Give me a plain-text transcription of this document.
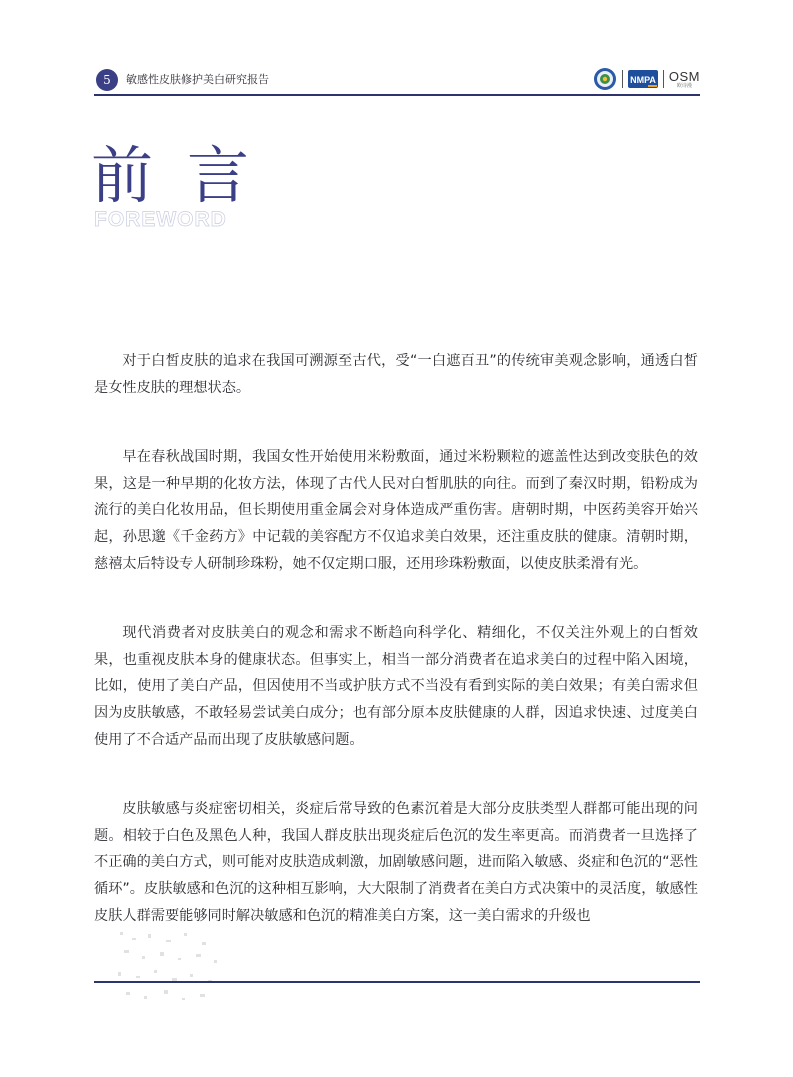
5	敏感性皮肤修护美白研究报告	NMPA OSM
欧诗漫
前言
FOREWORD

对于白皙皮肤的追求在我国可溯源至古代，受“一白遮百丑”的传统审美观念影响，通透白皙是女性皮肤的理想状态。

早在春秋战国时期，我国女性开始使用米粉敷面，通过米粉颗粒的遮盖性达到改变肤色的效果，这是一种早期的化妆方法，体现了古代人民对白皙肌肤的向往。而到了秦汉时期，铅粉成为流行的美白化妆用品，但长期使用重金属会对身体造成严重伤害。唐朝时期，中医药美容开始兴起，孙思邈《千金药方》中记载的美容配方不仅追求美白效果，还注重皮肤的健康。清朝时期，慈禧太后特设专人研制珍珠粉，她不仅定期口服，还用珍珠粉敷面，以使皮肤柔滑有光。

现代消费者对皮肤美白的观念和需求不断趋向科学化、精细化，不仅关注外观上的白皙效果，也重视皮肤本身的健康状态。但事实上，相当一部分消费者在追求美白的过程中陷入困境，比如，使用了美白产品，但因使用不当或护肤方式不当没有看到实际的美白效果；有美白需求但因为皮肤敏感，不敢轻易尝试美白成分；也有部分原本皮肤健康的人群，因追求快速、过度美白使用了不合适产品而出现了皮肤敏感问题。

皮肤敏感与炎症密切相关，炎症后常导致的色素沉着是大部分皮肤类型人群都可能出现的问题。相较于白色及黑色人种，我国人群皮肤出现炎症后色沉的发生率更高。而消费者一旦选择了不正确的美白方式，则可能对皮肤造成刺激，加剧敏感问题，进而陷入敏感、炎症和色沉的“恶性循环”。皮肤敏感和色沉的这种相互影响，大大限制了消费者在美白方式决策中的灵活度，敏感性皮肤人群需要能够同时解决敏感和色沉的精准美白方案，这一美白需求的升级也
